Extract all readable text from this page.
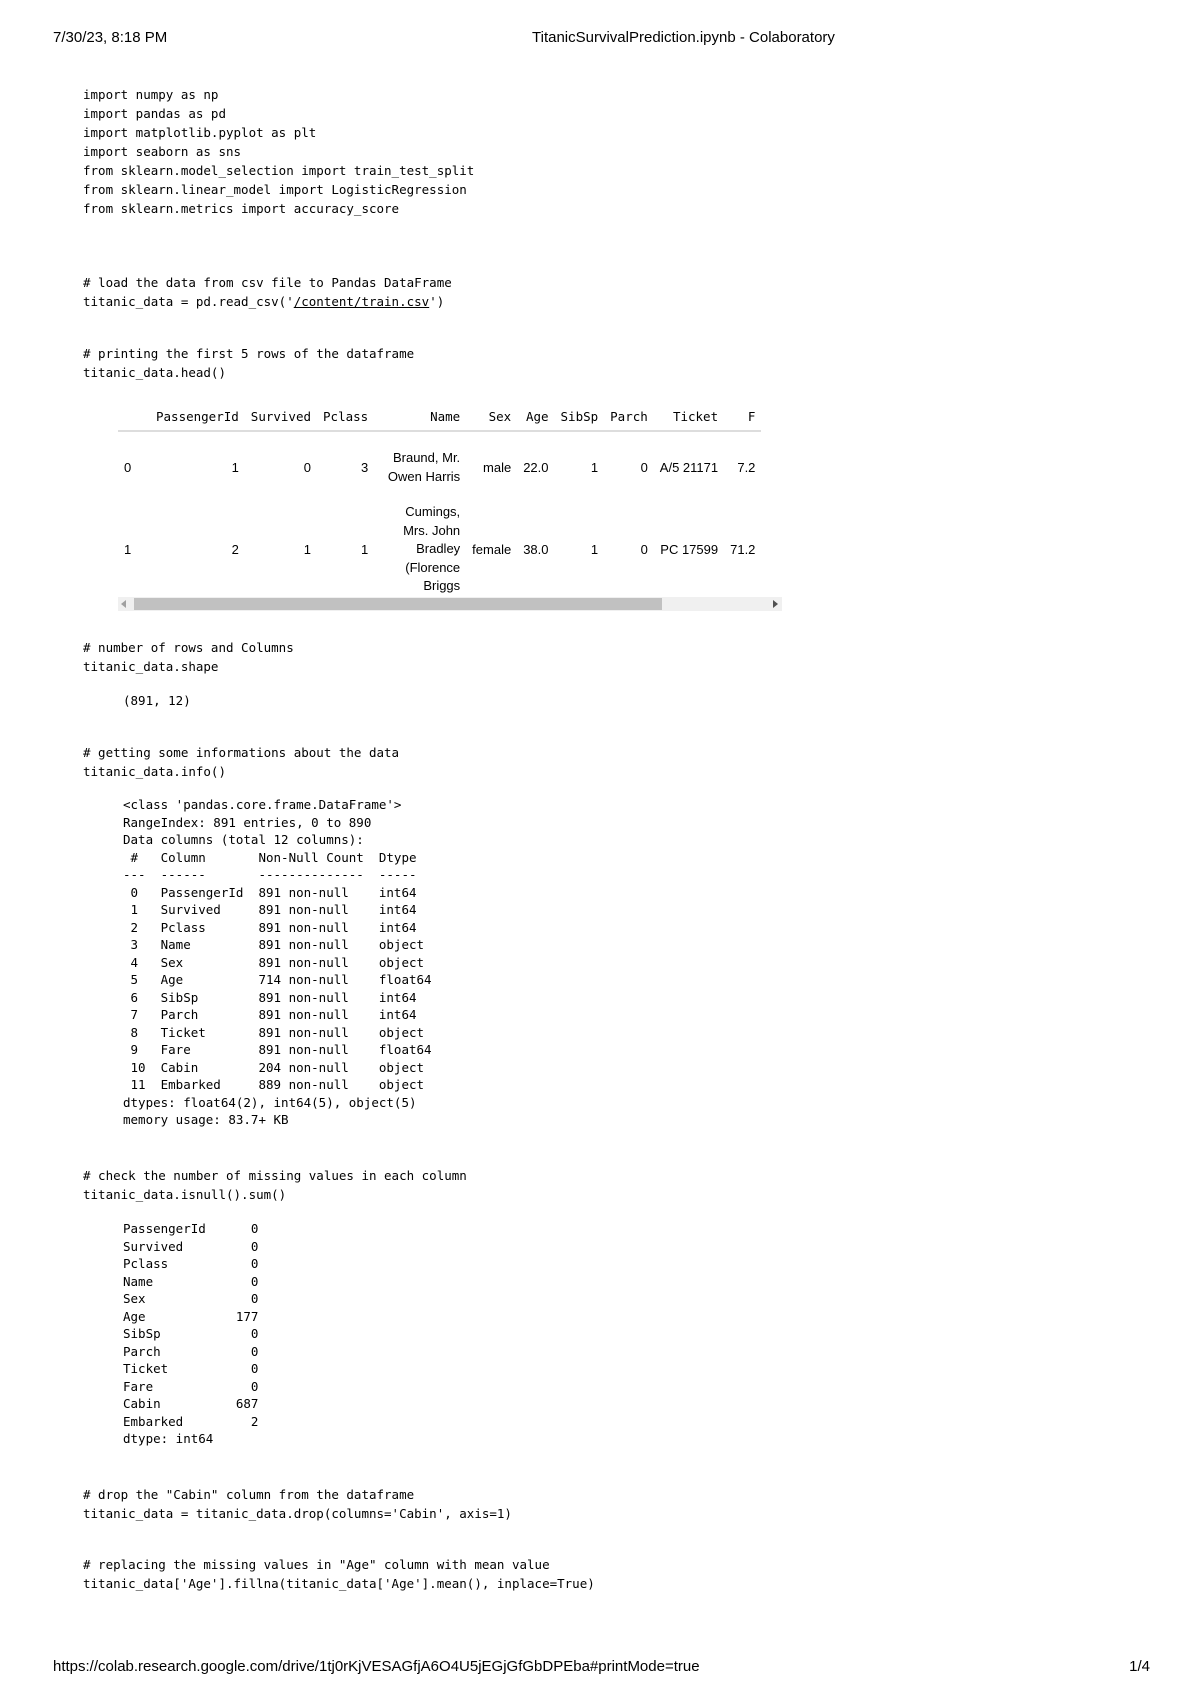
7/30/23, 8:18 PM	TitanicSurvivalPrediction.ipynb - Colaboratory
import numpy as np
import pandas as pd
import matplotlib.pyplot as plt
import seaborn as sns
from sklearn.model_selection import train_test_split
from sklearn.linear_model import LogisticRegression
from sklearn.metrics import accuracy_score
# load the data from csv file to Pandas DataFrame
titanic_data = pd.read_csv('/content/train.csv')
# printing the first 5 rows of the dataframe
titanic_data.head()
	PassengerId	Survived	Pclass	Name	Sex	Age	SibSp	Parch	Ticket	F
0	1	0	3	Braund, Mr. Owen Harris	male	22.0	1	0	A/5 21171	7.2
1	2	1	1	Cumings, Mrs. John Bradley (Florence Briggs	female	38.0	1	0	PC 17599	71.2
# number of rows and Columns
titanic_data.shape
(891, 12)
# getting some informations about the data
titanic_data.info()
<class 'pandas.core.frame.DataFrame'>
RangeIndex: 891 entries, 0 to 890
Data columns (total 12 columns):
#   Column       Non-Null Count  Dtype
---  ------       --------------  -----
0   PassengerId  891 non-null    int64
1   Survived     891 non-null    int64
2   Pclass       891 non-null    int64
3   Name         891 non-null    object
4   Sex          891 non-null    object
5   Age          714 non-null    float64
6   SibSp        891 non-null    int64
7   Parch        891 non-null    int64
8   Ticket       891 non-null    object
9   Fare         891 non-null    float64
10  Cabin        204 non-null    object
11  Embarked     889 non-null    object
dtypes: float64(2), int64(5), object(5)
memory usage: 83.7+ KB
# check the number of missing values in each column
titanic_data.isnull().sum()
PassengerId      0
Survived         0
Pclass           0
Name             0
Sex              0
Age            177
SibSp            0
Parch            0
Ticket           0
Fare             0
Cabin          687
Embarked         2
dtype: int64
# drop the "Cabin" column from the dataframe
titanic_data = titanic_data.drop(columns='Cabin', axis=1)
# replacing the missing values in "Age" column with mean value
titanic_data['Age'].fillna(titanic_data['Age'].mean(), inplace=True)
https://colab.research.google.com/drive/1tj0rKjVESAGfjA6O4U5jEGjGfGbDPEba#printMode=true	1/4
